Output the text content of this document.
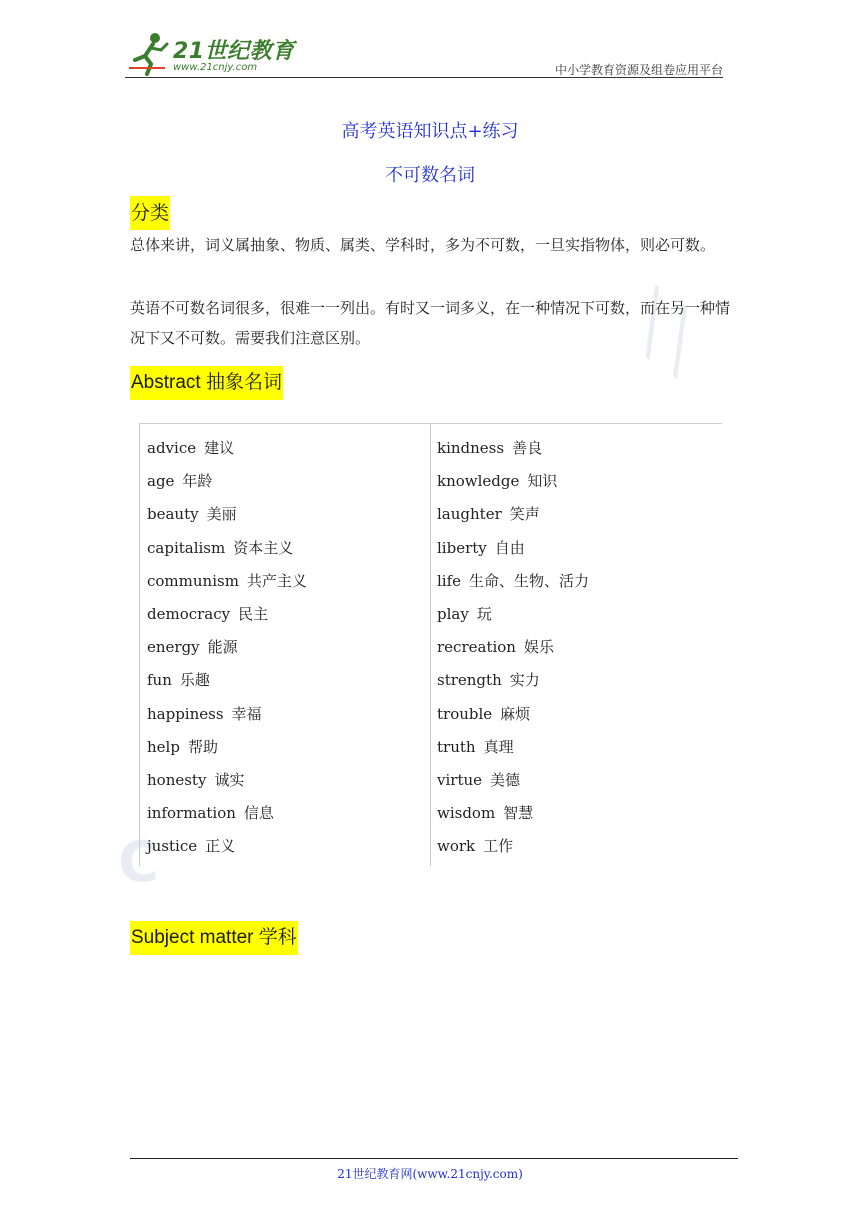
21世纪教育
www.21cnjy.com	中小学教育资源及组卷应用平台
╲╲
C
高考英语知识点+练习
不可数名词
分类
总体来讲，词义属抽象、物质、属类、学科时，多为不可数，一旦实指物体，则必可数。
英语不可数名词很多，很难一一列出。有时又一词多义，在一种情况下可数，而在另一种情况下又不可数。需要我们注意区别。
Abstract 抽象名词
advice 建议
age 年龄
beauty 美丽
capitalism 资本主义
communism 共产主义
democracy 民主
energy 能源
fun 乐趣
happiness 幸福
help 帮助
honesty 诚实
information 信息
justice 正义
kindness 善良
knowledge 知识
laughter 笑声
liberty 自由
life 生命、生物、活力
play 玩
recreation 娱乐
strength 实力
trouble 麻烦
truth 真理
virtue 美德
wisdom 智慧
work 工作
Subject matter 学科
21世纪教育网(www.21cnjy.com)
